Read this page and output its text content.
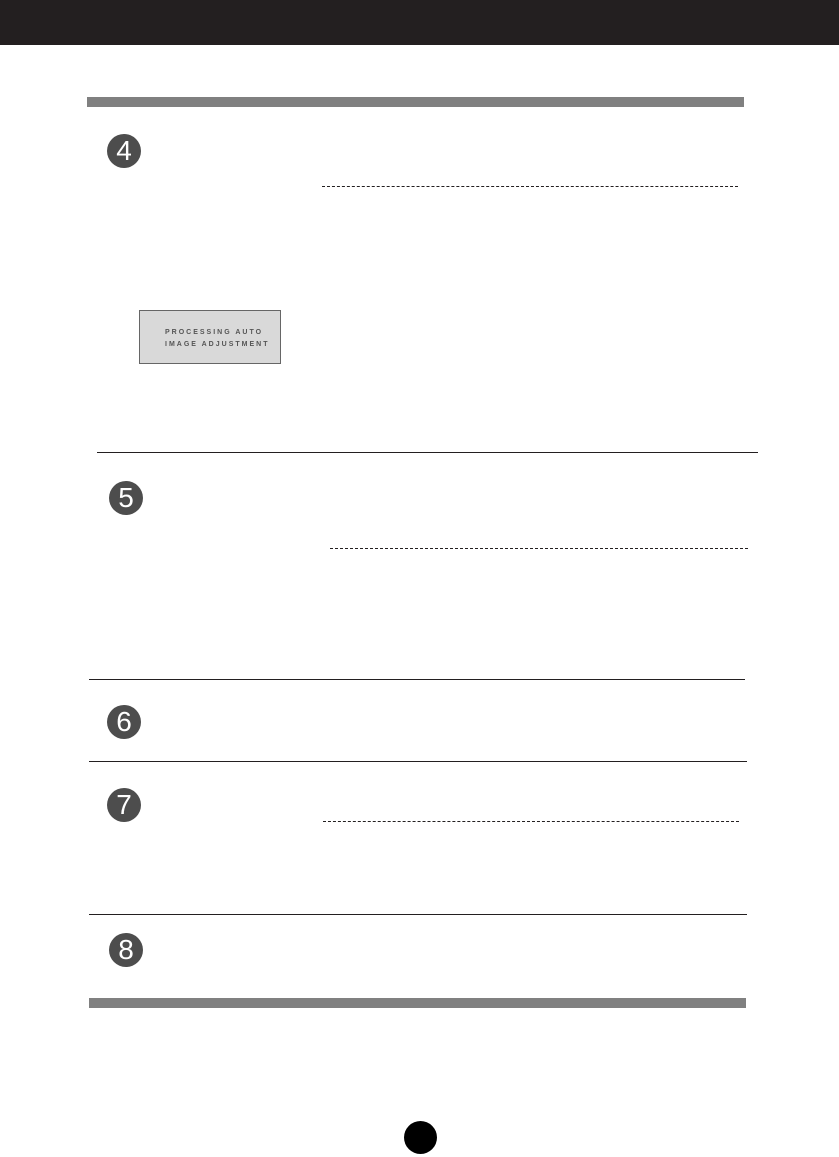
4
PROCESSING AUTO
IMAGE ADJUSTMENT
5
6
7
8
